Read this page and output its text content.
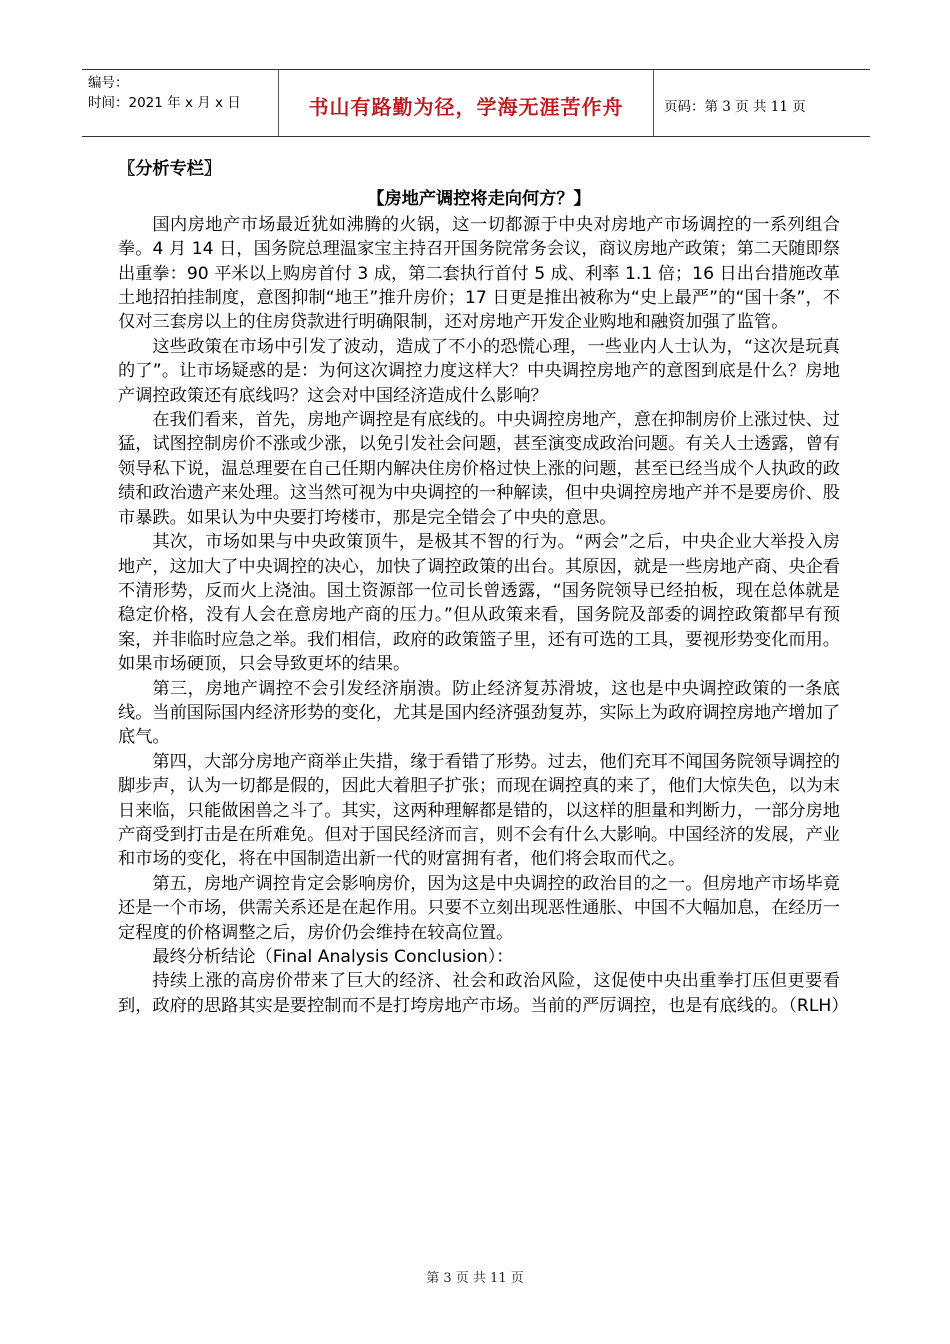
编号：
时间：2021 年 x 月 x 日	书山有路勤为径，学海无涯苦作舟	页码：第 3 页 共 11 页

〖分析专栏〗

【房地产调控将走向何方？】

国内房地产市场最近犹如沸腾的火锅，这一切都源于中央对房地产市场调控的一系列组合拳。4 月 14 日，国务院总理温家宝主持召开国务院常务会议，商议房地产政策；第二天随即祭出重拳：90 平米以上购房首付 3 成，第二套执行首付 5 成、利率 1.1 倍；16 日出台措施改革土地招拍挂制度，意图抑制“地王”推升房价；17 日更是推出被称为“史上最严”的“国十条”，不仅对三套房以上的住房贷款进行明确限制，还对房地产开发企业购地和融资加强了监管。

这些政策在市场中引发了波动，造成了不小的恐慌心理，一些业内人士认为，“这次是玩真的了”。让市场疑惑的是：为何这次调控力度这样大？中央调控房地产的意图到底是什么？房地产调控政策还有底线吗？这会对中国经济造成什么影响？

在我们看来，首先，房地产调控是有底线的。中央调控房地产，意在抑制房价上涨过快、过猛，试图控制房价不涨或少涨，以免引发社会问题，甚至演变成政治问题。有关人士透露，曾有领导私下说，温总理要在自己任期内解决住房价格过快上涨的问题，甚至已经当成个人执政的政绩和政治遗产来处理。这当然可视为中央调控的一种解读，但中央调控房地产并不是要房价、股市暴跌。如果认为中央要打垮楼市，那是完全错会了中央的意思。

其次，市场如果与中央政策顶牛，是极其不智的行为。“两会”之后，中央企业大举投入房地产，这加大了中央调控的决心，加快了调控政策的出台。其原因，就是一些房地产商、央企看不清形势，反而火上浇油。国土资源部一位司长曾透露，“国务院领导已经拍板，现在总体就是稳定价格，没有人会在意房地产商的压力。”但从政策来看，国务院及部委的调控政策都早有预案，并非临时应急之举。我们相信，政府的政策篮子里，还有可选的工具，要视形势变化而用。如果市场硬顶，只会导致更坏的结果。

第三，房地产调控不会引发经济崩溃。防止经济复苏滑坡，这也是中央调控政策的一条底线。当前国际国内经济形势的变化，尤其是国内经济强劲复苏，实际上为政府调控房地产增加了底气。

第四，大部分房地产商举止失措，缘于看错了形势。过去，他们充耳不闻国务院领导调控的脚步声，认为一切都是假的，因此大着胆子扩张；而现在调控真的来了，他们大惊失色，以为末日来临，只能做困兽之斗了。其实，这两种理解都是错的，以这样的胆量和判断力，一部分房地产商受到打击是在所难免。但对于国民经济而言，则不会有什么大影响。中国经济的发展，产业和市场的变化，将在中国制造出新一代的财富拥有者，他们将会取而代之。

第五，房地产调控肯定会影响房价，因为这是中央调控的政治目的之一。但房地产市场毕竟还是一个市场，供需关系还是在起作用。只要不立刻出现恶性通胀、中国不大幅加息，在经历一定程度的价格调整之后，房价仍会维持在较高位置。

最终分析结论（Final Analysis Conclusion）：

持续上涨的高房价带来了巨大的经济、社会和政治风险，这促使中央出重拳打压但更要看到，政府的思路其实是要控制而不是打垮房地产市场。当前的严厉调控，也是有底线的。（RLH）

第 3 页 共 11 页
